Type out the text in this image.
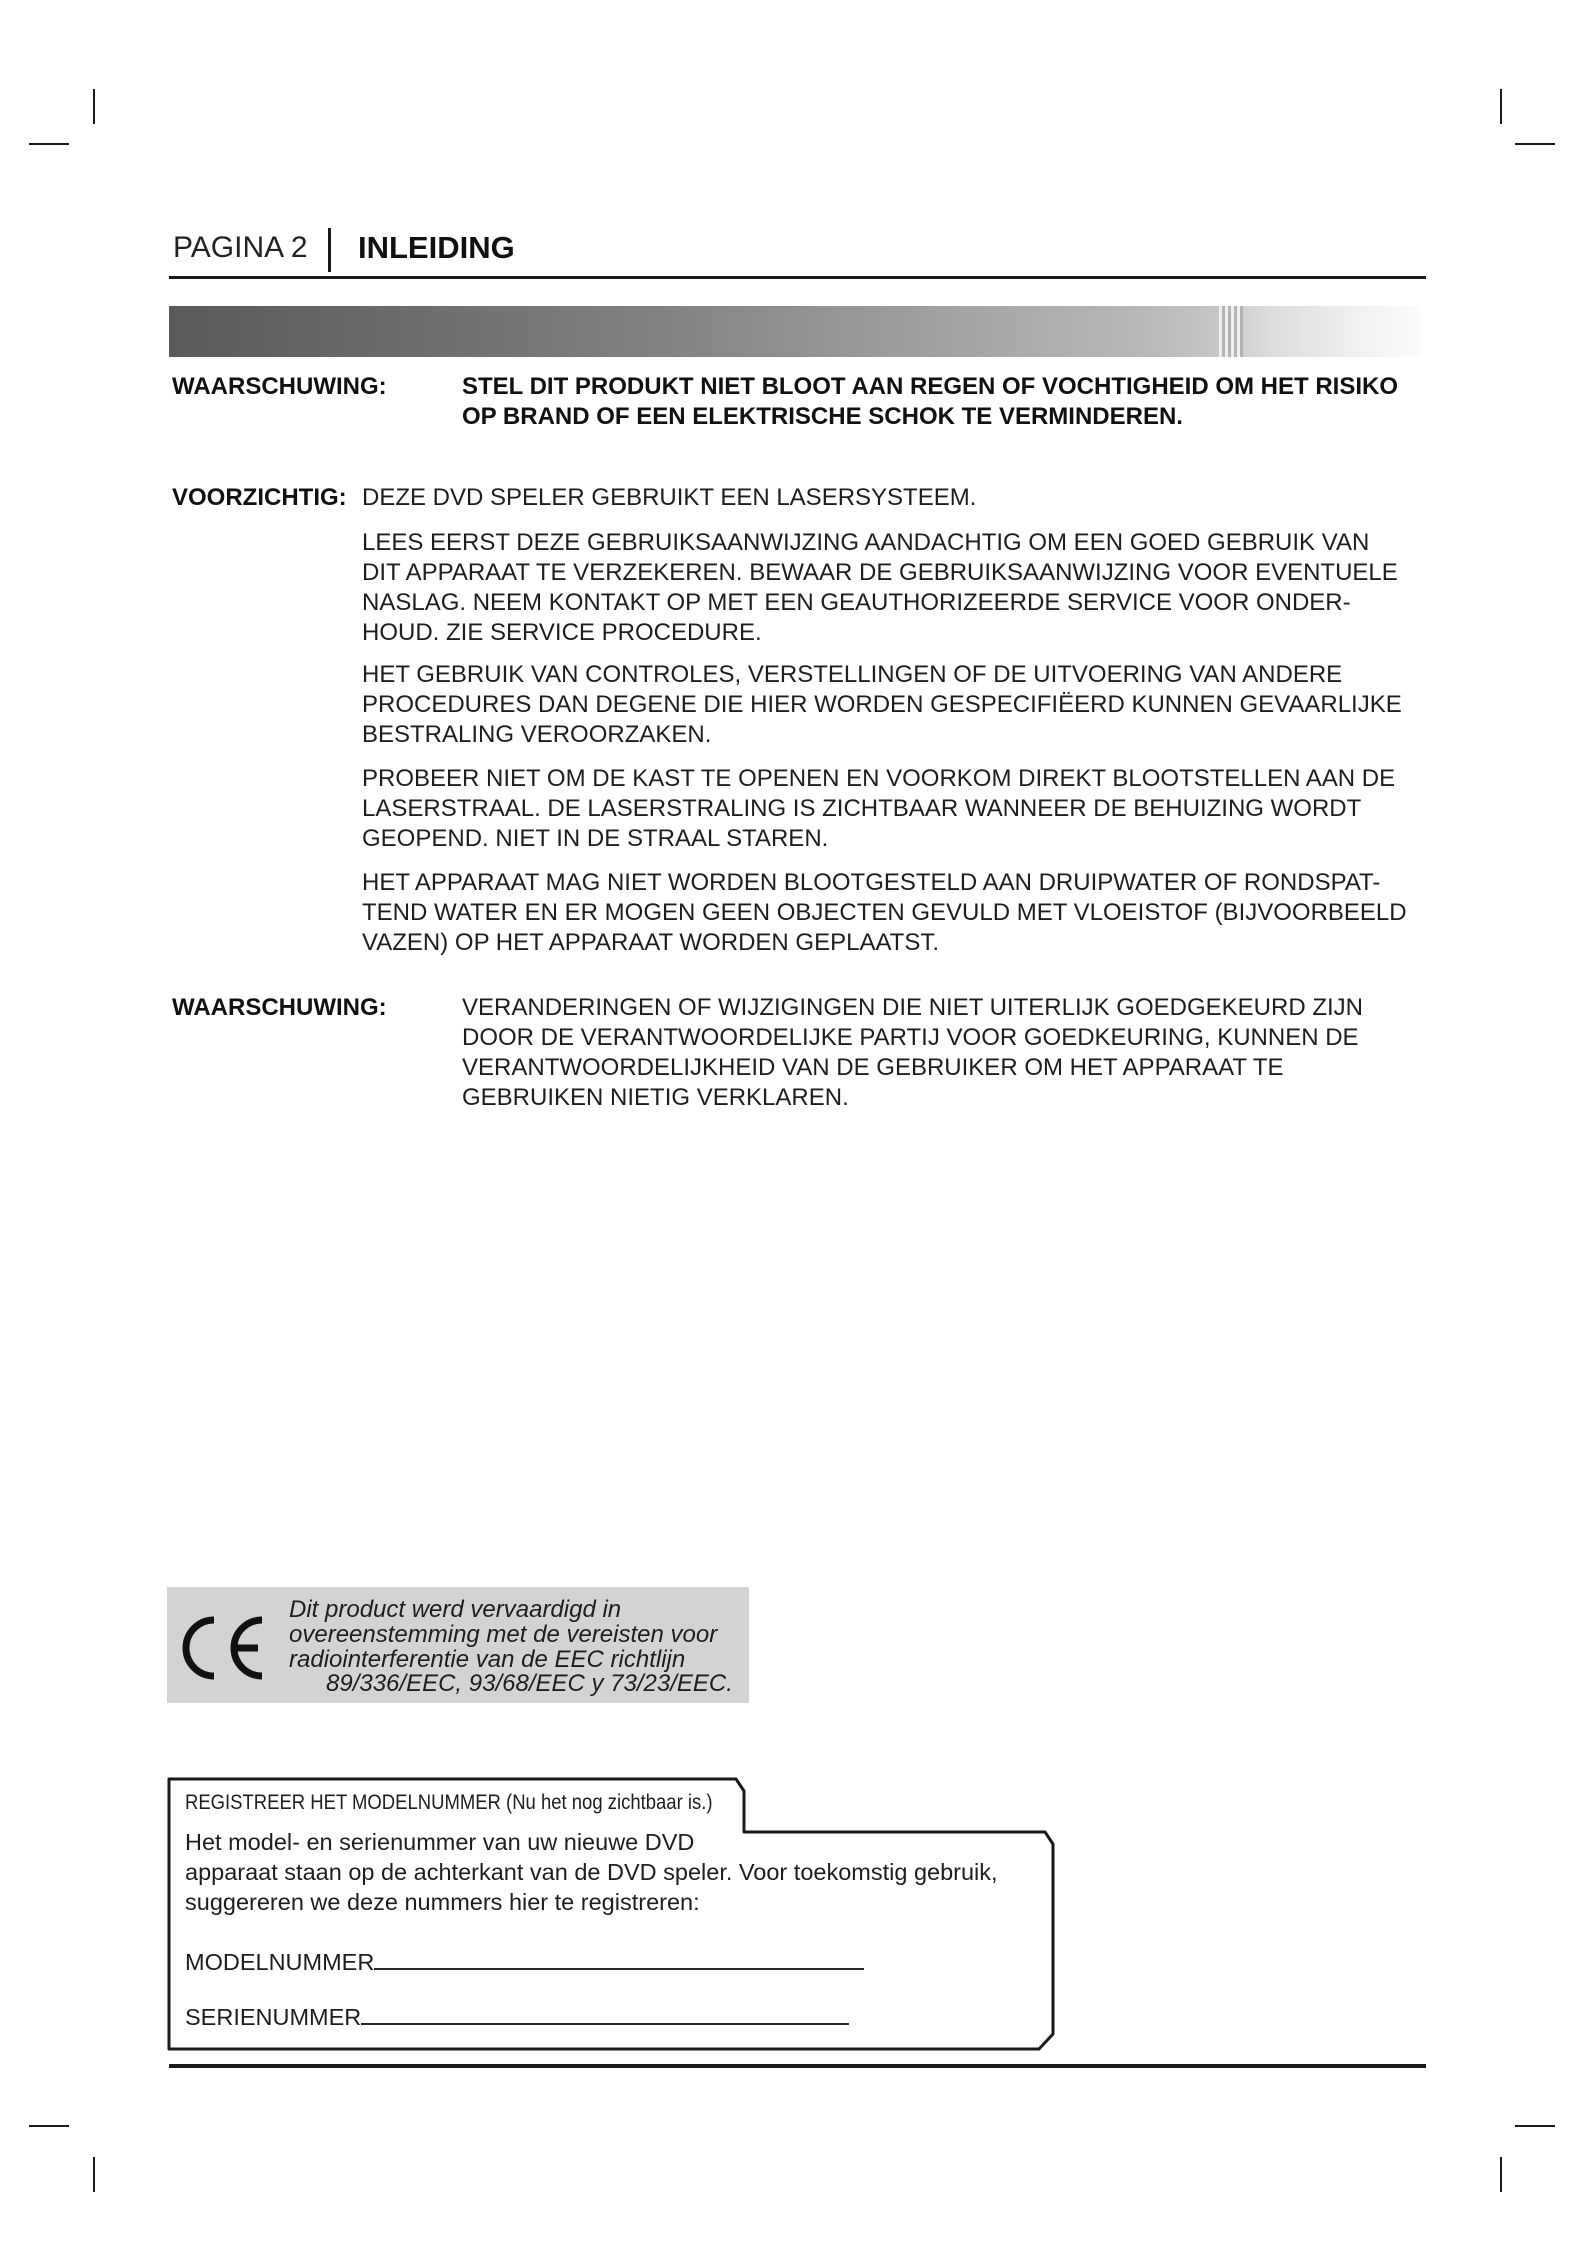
PAGINA 2 INLEIDING
WAARSCHUWING:	STEL DIT PRODUKT NIET BLOOT AAN REGEN OF VOCHTIGHEID OM HET RISIKO
OP BRAND OF EEN ELEKTRISCHE SCHOK TE VERMINDEREN.
VOORZICHTIG: DEZE DVD SPELER GEBRUIKT EEN LASERSYSTEEM.
LEES EERST DEZE GEBRUIKSAANWIJZING AANDACHTIG OM EEN GOED GEBRUIK VAN
DIT APPARAAT TE VERZEKEREN. BEWAAR DE GEBRUIKSAANWIJZING VOOR EVENTUELE
NASLAG. NEEM KONTAKT OP MET EEN GEAUTHORIZEERDE SERVICE VOOR ONDER-
HOUD. ZIE SERVICE PROCEDURE.
HET GEBRUIK VAN CONTROLES, VERSTELLINGEN OF DE UITVOERING VAN ANDERE
PROCEDURES DAN DEGENE DIE HIER WORDEN GESPECIFIËERD KUNNEN GEVAARLIJKE
BESTRALING VEROORZAKEN.
PROBEER NIET OM DE KAST TE OPENEN EN VOORKOM DIREKT BLOOTSTELLEN AAN DE
LASERSTRAAL. DE LASERSTRALING IS ZICHTBAAR WANNEER DE BEHUIZING WORDT
GEOPEND. NIET IN DE STRAAL STAREN.
HET APPARAAT MAG NIET WORDEN BLOOTGESTELD AAN DRUIPWATER OF RONDSPAT-
TEND WATER EN ER MOGEN GEEN OBJECTEN GEVULD MET VLOEISTOF (BIJVOORBEELD
VAZEN) OP HET APPARAAT WORDEN GEPLAATST.
WAARSCHUWING:	VERANDERINGEN OF WIJZIGINGEN DIE NIET UITERLIJK GOEDGEKEURD ZIJN
DOOR DE VERANTWOORDELIJKE PARTIJ VOOR GOEDKEURING, KUNNEN DE
VERANTWOORDELIJKHEID VAN DE GEBRUIKER OM HET APPARAAT TE
GEBRUIKEN NIETIG VERKLAREN.
Dit product werd vervaardigd in
overeenstemming met de vereisten voor
radiointerferentie van de EEC richtlijn
89/336/EEC, 93/68/EEC y 73/23/EEC.
REGISTREER HET MODELNUMMER (Nu het nog zichtbaar is.)
Het model- en serienummer van uw nieuwe DVD
apparaat staan op de achterkant van de DVD speler. Voor toekomstig gebruik,
suggereren we deze nummers hier te registreren:
MODELNUMMER
SERIENUMMER
